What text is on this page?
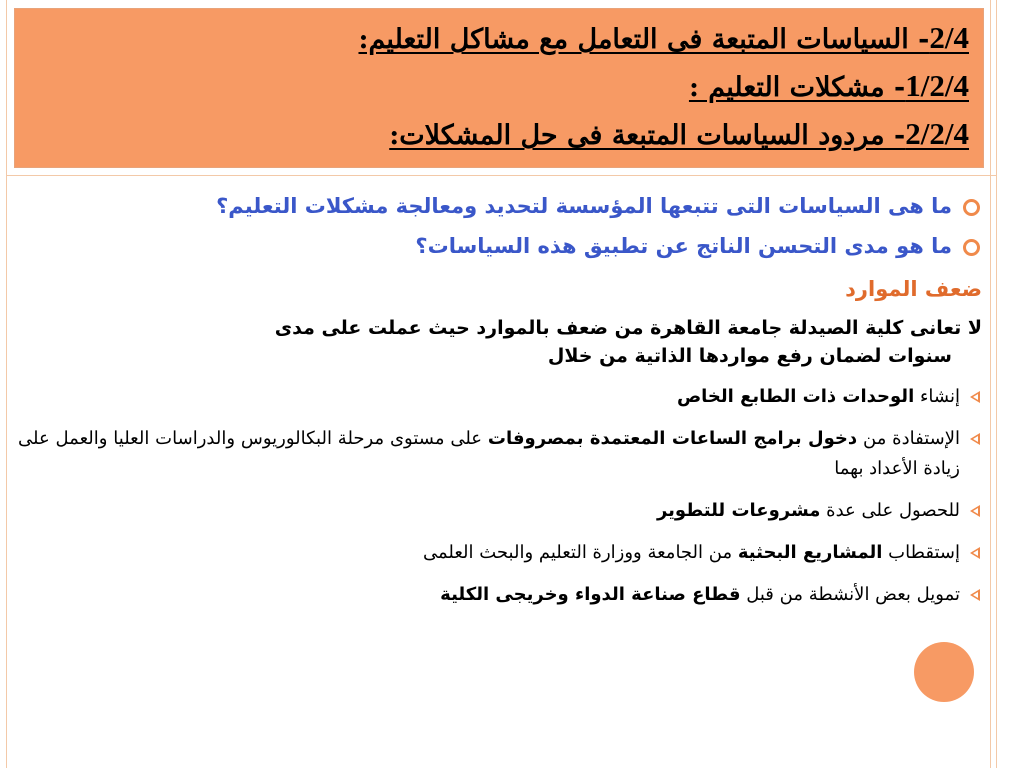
2/4- السياسات المتبعة فى التعامل مع مشاكل التعليم:
1/2/4- مشكلات التعليم :
2/2/4- مردود السياسات المتبعة فى حل المشكلات:
ما هى السياسات التى تتبعها المؤسسة لتحديد ومعالجة مشكلات التعليم؟
ما هو مدى التحسن الناتج عن تطبيق هذه السياسات؟
ضعف الموارد
لا تعانى كلية الصيدلة جامعة القاهرة من ضعف بالموارد حيث عملت على مدى
سنوات لضمان رفع مواردها الذاتية من خلال
إنشاء الوحدات ذات الطابع الخاص
الإستفادة من دخول برامج الساعات المعتمدة بمصروفات على مستوى مرحلة البكالوريوس والدراسات العليا والعمل على زيادة الأعداد بهما
للحصول على عدة مشروعات للتطوير
إستقطاب المشاريع البحثية من الجامعة ووزارة التعليم والبحث العلمى
تمويل بعض الأنشطة من قبل قطاع صناعة الدواء وخريجى الكلية
